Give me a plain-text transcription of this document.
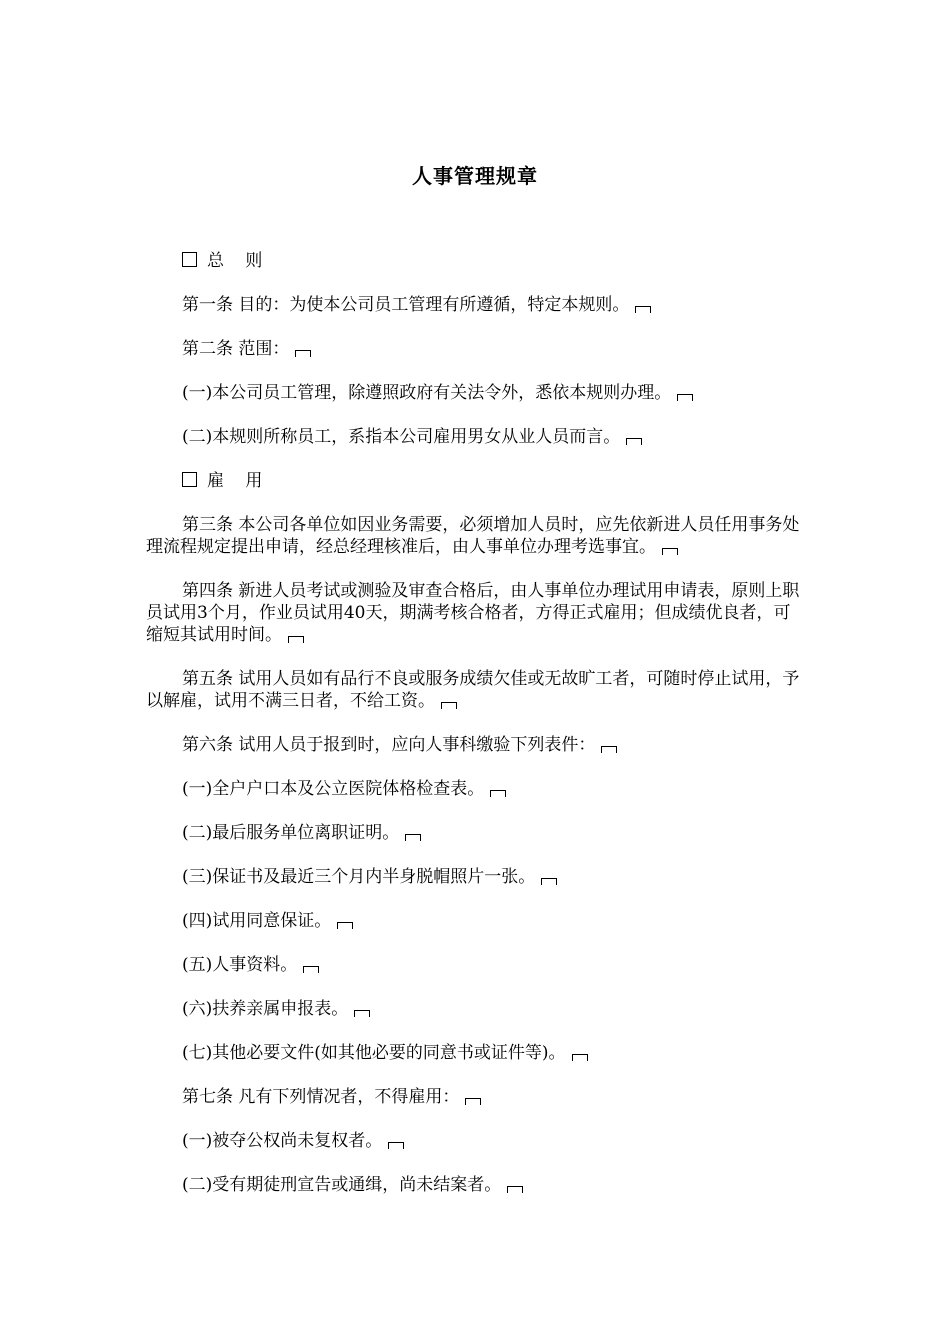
人事管理规章

总 则

第一条 目的：为使本公司员工管理有所遵循，特定本规则。

第二条 范围：

(一)本公司员工管理，除遵照政府有关法令外，悉依本规则办理。

(二)本规则所称员工，系指本公司雇用男女从业人员而言。

雇 用

第三条 本公司各单位如因业务需要，必须增加人员时，应先依新进人员任用事务处理流程规定提出申请，经总经理核准后，由人事单位办理考选事宜。

第四条 新进人员考试或测验及审查合格后，由人事单位办理试用申请表，原则上职员试用3个月，作业员试用40天，期满考核合格者，方得正式雇用；但成绩优良者，可缩短其试用时间。

第五条 试用人员如有品行不良或服务成绩欠佳或无故旷工者，可随时停止试用，予以解雇，试用不满三日者，不给工资。

第六条 试用人员于报到时，应向人事科缴验下列表件：

(一)全户户口本及公立医院体格检查表。

(二)最后服务单位离职证明。

(三)保证书及最近三个月内半身脱帽照片一张。

(四)试用同意保证。

(五)人事资料。

(六)扶养亲属申报表。

(七)其他必要文件(如其他必要的同意书或证件等)。

第七条 凡有下列情况者，不得雇用：

(一)被夺公权尚未复权者。

(二)受有期徒刑宣告或通缉，尚未结案者。
